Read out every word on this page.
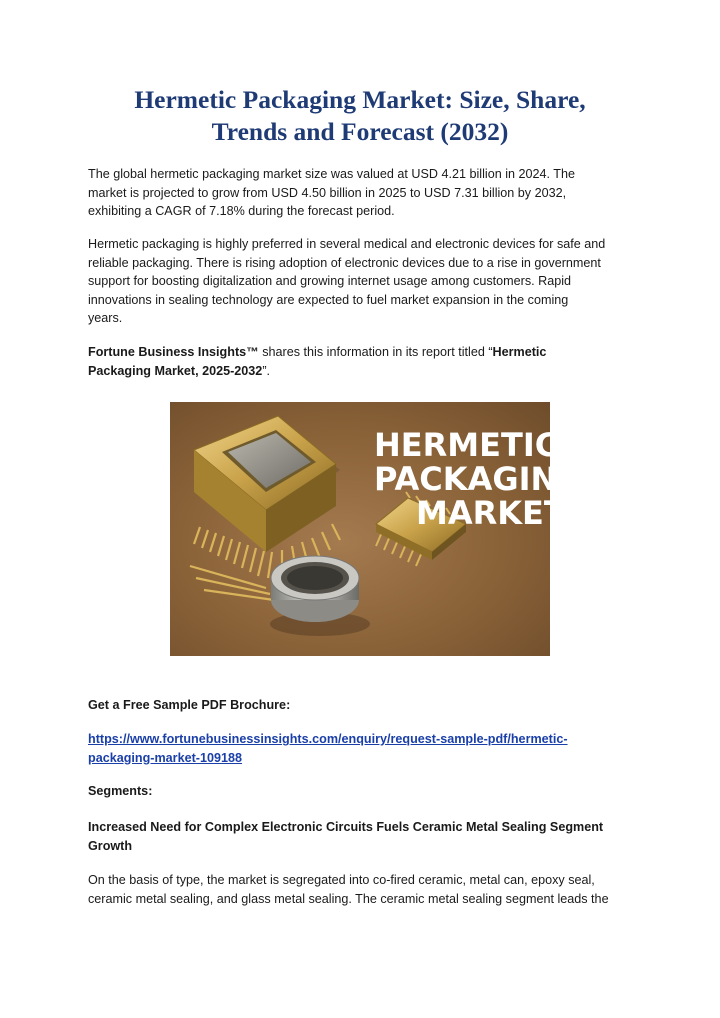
Hermetic Packaging Market: Size, Share,
Trends and Forecast (2032)

The global hermetic packaging market size was valued at USD 4.21 billion in 2024. The
market is projected to grow from USD 4.50 billion in 2025 to USD 7.31 billion by 2032,
exhibiting a CAGR of 7.18% during the forecast period.

Hermetic packaging is highly preferred in several medical and electronic devices for safe and
reliable packaging. There is rising adoption of electronic devices due to a rise in government
support for boosting digitalization and growing internet usage among customers. Rapid
innovations in sealing technology are expected to fuel market expansion in the coming
years.

Fortune Business Insights™ shares this information in its report titled “Hermetic
Packaging Market, 2025-2032”.

HERMETIC
PACKAGING
MARKET

Get a Free Sample PDF Brochure:

https://www.fortunebusinessinsights.com/enquiry/request-sample-pdf/hermetic-
packaging-market-109188

Segments:

Increased Need for Complex Electronic Circuits Fuels Ceramic Metal Sealing Segment
Growth

On the basis of type, the market is segregated into co-fired ceramic, metal can, epoxy seal,
ceramic metal sealing, and glass metal sealing. The ceramic metal sealing segment leads the
